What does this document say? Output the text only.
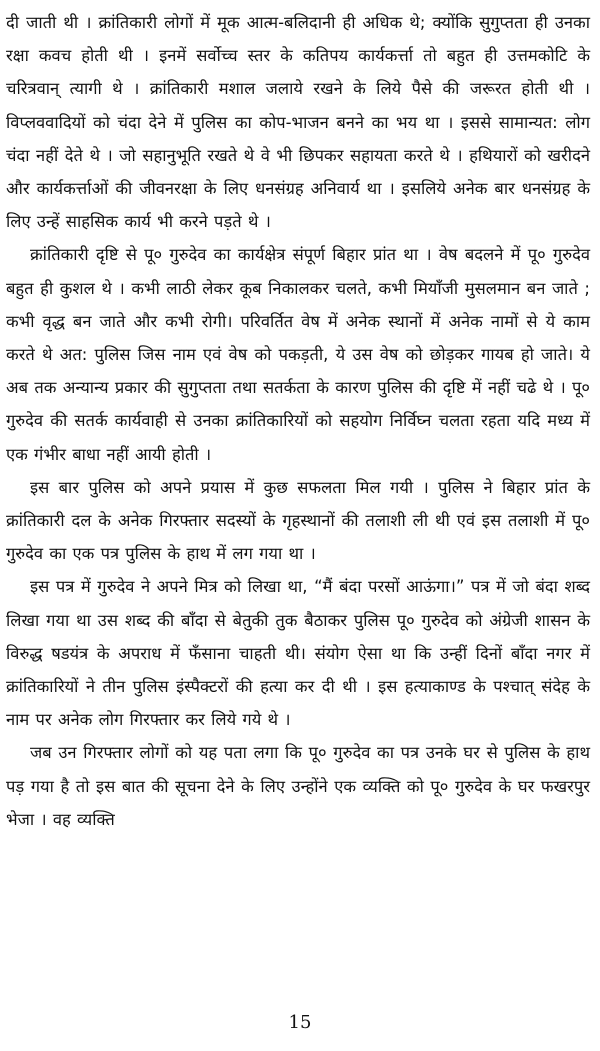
दी जाती थी । क्रांतिकारी लोगों में मूक आत्म-बलिदानी ही अधिक थे; क्योंकि सुगुप्तता ही उनका रक्षा कवच होती थी । इनमें सर्वोच्च स्तर के कतिपय कार्यकर्त्ता तो बहुत ही उत्तमकोटि के चरित्रवान् त्यागी थे । क्रांतिकारी मशाल जलाये रखने के लिये पैसे की जरूरत होती थी । विप्लववादियों को चंदा देने में पुलिस का कोप-भाजन बनने का भय था । इससे सामान्यत: लोग चंदा नहीं देते थे । जो सहानुभूति रखते थे वे भी छिपकर सहायता करते थे । हथियारों को खरीदने और कार्यकर्त्ताओं की जीवनरक्षा के लिए धनसंग्रह अनिवार्य था । इसलिये अनेक बार धनसंग्रह के लिए उन्हें साहसिक कार्य भी करने पड़ते थे ।

क्रांतिकारी दृष्टि से पू० गुरुदेव का कार्यक्षेत्र संपूर्ण बिहार प्रांत था । वेष बदलने में पू० गुरुदेव बहुत ही कुशल थे । कभी लाठी लेकर कूब निकालकर चलते, कभी मियाँजी मुसलमान बन जाते ; कभी वृद्ध बन जाते और कभी रोगी। परिवर्तित वेष में अनेक स्थानों में अनेक नामों से ये काम करते थे अत: पुलिस जिस नाम एवं वेष को पकड़ती, ये उस वेष को छोड़कर गायब हो जाते। ये अब तक अन्यान्य प्रकार की सुगुप्तता तथा सतर्कता के कारण पुलिस की दृष्टि में नहीं चढे थे । पू० गुरुदेव की सतर्क कार्यवाही से उनका क्रांतिकारियों को सहयोग निर्विघ्न चलता रहता यदि मध्य में एक गंभीर बाधा नहीं आयी होती ।

इस बार पुलिस को अपने प्रयास में कुछ सफलता मिल गयी । पुलिस ने बिहार प्रांत के क्रांतिकारी दल के अनेक गिरफ्तार सदस्यों के गृहस्थानों की तलाशी ली थी एवं इस तलाशी में पू० गुरुदेव का एक पत्र पुलिस के हाथ में लग गया था ।

इस पत्र में गुरुदेव ने अपने मित्र को लिखा था, “मैं बंदा परसों आऊंगा।” पत्र में जो बंदा शब्द लिखा गया था उस शब्द की बाँदा से बेतुकी तुक बैठाकर पुलिस पू० गुरुदेव को अंग्रेजी शासन के विरुद्ध षडयंत्र के अपराध में फँसाना चाहती थी। संयोग ऐसा था कि उन्हीं दिनों बाँदा नगर में क्रांतिकारियों ने तीन पुलिस इंस्पैक्टरों की हत्या कर दी थी । इस हत्याकाण्ड के पश्चात् संदेह के नाम पर अनेक लोग गिरफ्तार कर लिये गये थे ।

जब उन गिरफ्तार लोगों को यह पता लगा कि पू० गुरुदेव का पत्र उनके घर से पुलिस के हाथ पड़ गया है तो इस बात की सूचना देने के लिए उन्होंने एक व्यक्ति को पू० गुरुदेव के घर फखरपुर भेजा । वह व्यक्ति

15
